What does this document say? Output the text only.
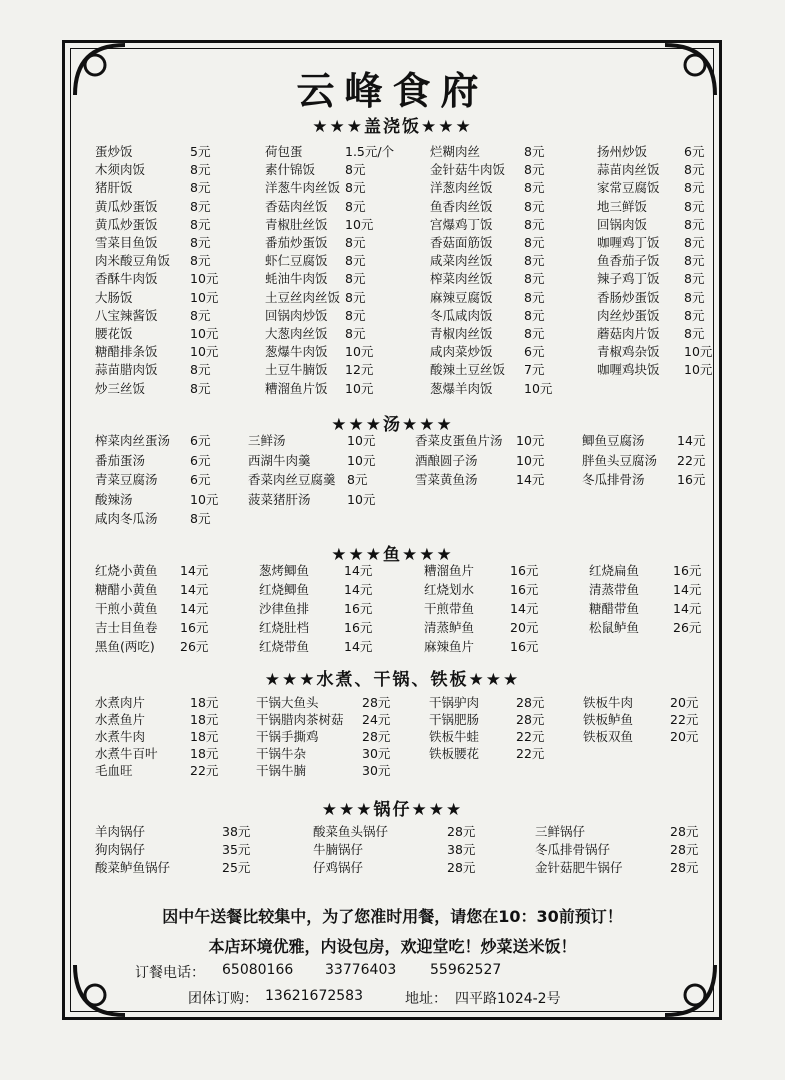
云峰食府
★★★盖浇饭★★★
蛋炒饭	5元
木须肉饭	8元
猪肝饭	8元
黄瓜炒蛋饭	8元
黄瓜炒蛋饭	8元
雪菜目鱼饭	8元
肉米酸豆角饭 8元
香酥牛肉饭	10元
大肠饭	10元
八宝辣酱饭	8元
腰花饭	10元
糖醋排条饭	10元
蒜苗腊肉饭	8元
炒三丝饭	8元
荷包蛋	1.5元/个
素什锦饭 8元
洋葱牛肉丝饭 8元
香菇肉丝饭 8元
青椒肚丝饭 10元
番茄炒蛋饭 8元
虾仁豆腐饭 8元
蚝油牛肉饭 8元
土豆丝肉丝饭 8元
回锅肉炒饭 8元
大葱肉丝饭 8元
葱爆牛肉饭 10元
土豆牛腩饭 12元
糟溜鱼片饭 10元
烂糊肉丝	8元
金针菇牛肉饭 8元
洋葱肉丝饭	8元
鱼香肉丝饭	8元
宫爆鸡丁饭	8元
香菇面筋饭	8元
咸菜肉丝饭	8元
榨菜肉丝饭	8元
麻辣豆腐饭	8元
冬瓜咸肉饭	8元
青椒肉丝饭	8元
咸肉菜炒饭	6元
酸辣土豆丝饭 7元
葱爆羊肉饭	10元
扬州炒饭	6元
蒜苗肉丝饭 8元
家常豆腐饭 8元
地三鲜饭	8元
回锅肉饭	8元
咖喱鸡丁饭 8元
鱼香茄子饭 8元
辣子鸡丁饭 8元
香肠炒蛋饭 8元
肉丝炒蛋饭 8元
蘑菇肉片饭 8元
青椒鸡杂饭 10元
咖喱鸡块饭 10元
★★★汤★★★
榨菜肉丝蛋汤 6元
番茄蛋汤	6元
青菜豆腐汤	6元
酸辣汤	10元
咸肉冬瓜汤	8元
三鲜汤	10元
西湖牛肉羹	10元
香菜肉丝豆腐羹 8元
菠菜猪肝汤	10元
香菜皮蛋鱼片汤 10元
酒酿圆子汤	10元
雪菜黄鱼汤	14元
鲫鱼豆腐汤	14元
胖鱼头豆腐汤 22元
冬瓜排骨汤	16元
★★★鱼★★★
红烧小黄鱼 14元
糖醋小黄鱼 14元
干煎小黄鱼 14元
吉士目鱼卷 16元
黑鱼(两吃) 26元
葱烤鲫鱼	14元
红烧鲫鱼	14元
沙律鱼排	16元
红烧肚档	16元
红烧带鱼	14元
糟溜鱼片	16元
红烧划水	16元
干煎带鱼	14元
清蒸鲈鱼	20元
麻辣鱼片	16元
红烧扁鱼	16元
清蒸带鱼	14元
糖醋带鱼	14元
松鼠鲈鱼	26元
★★★水煮、干锅、铁板★★★
水煮肉片	18元
水煮鱼片	18元
水煮牛肉	18元
水煮牛百叶	18元
毛血旺	22元
干锅大鱼头	28元
干锅腊肉茶树菇 24元
干锅手撕鸡	28元
干锅牛杂	30元
干锅牛腩	30元
干锅驴肉	28元
干锅肥肠	28元
铁板牛蛙	22元
铁板腰花	22元
铁板牛肉	20元
铁板鲈鱼	22元
铁板双鱼	20元
★★★锅仔★★★
羊肉锅仔	38元
狗肉锅仔	35元
酸菜鲈鱼锅仔	25元
酸菜鱼头锅仔	28元
牛腩锅仔	38元
仔鸡锅仔	28元
三鲜锅仔	28元
冬瓜排骨锅仔	28元
金针菇肥牛锅仔	28元
因中午送餐比较集中，为了您准时用餐，请您在10：30前预订！
本店环境优雅，内设包房，欢迎堂吃！炒菜送米饭！
订餐电话： 65080166 33776403 55962527
团体订购： 13621672583	地址： 四平路1024-2号
